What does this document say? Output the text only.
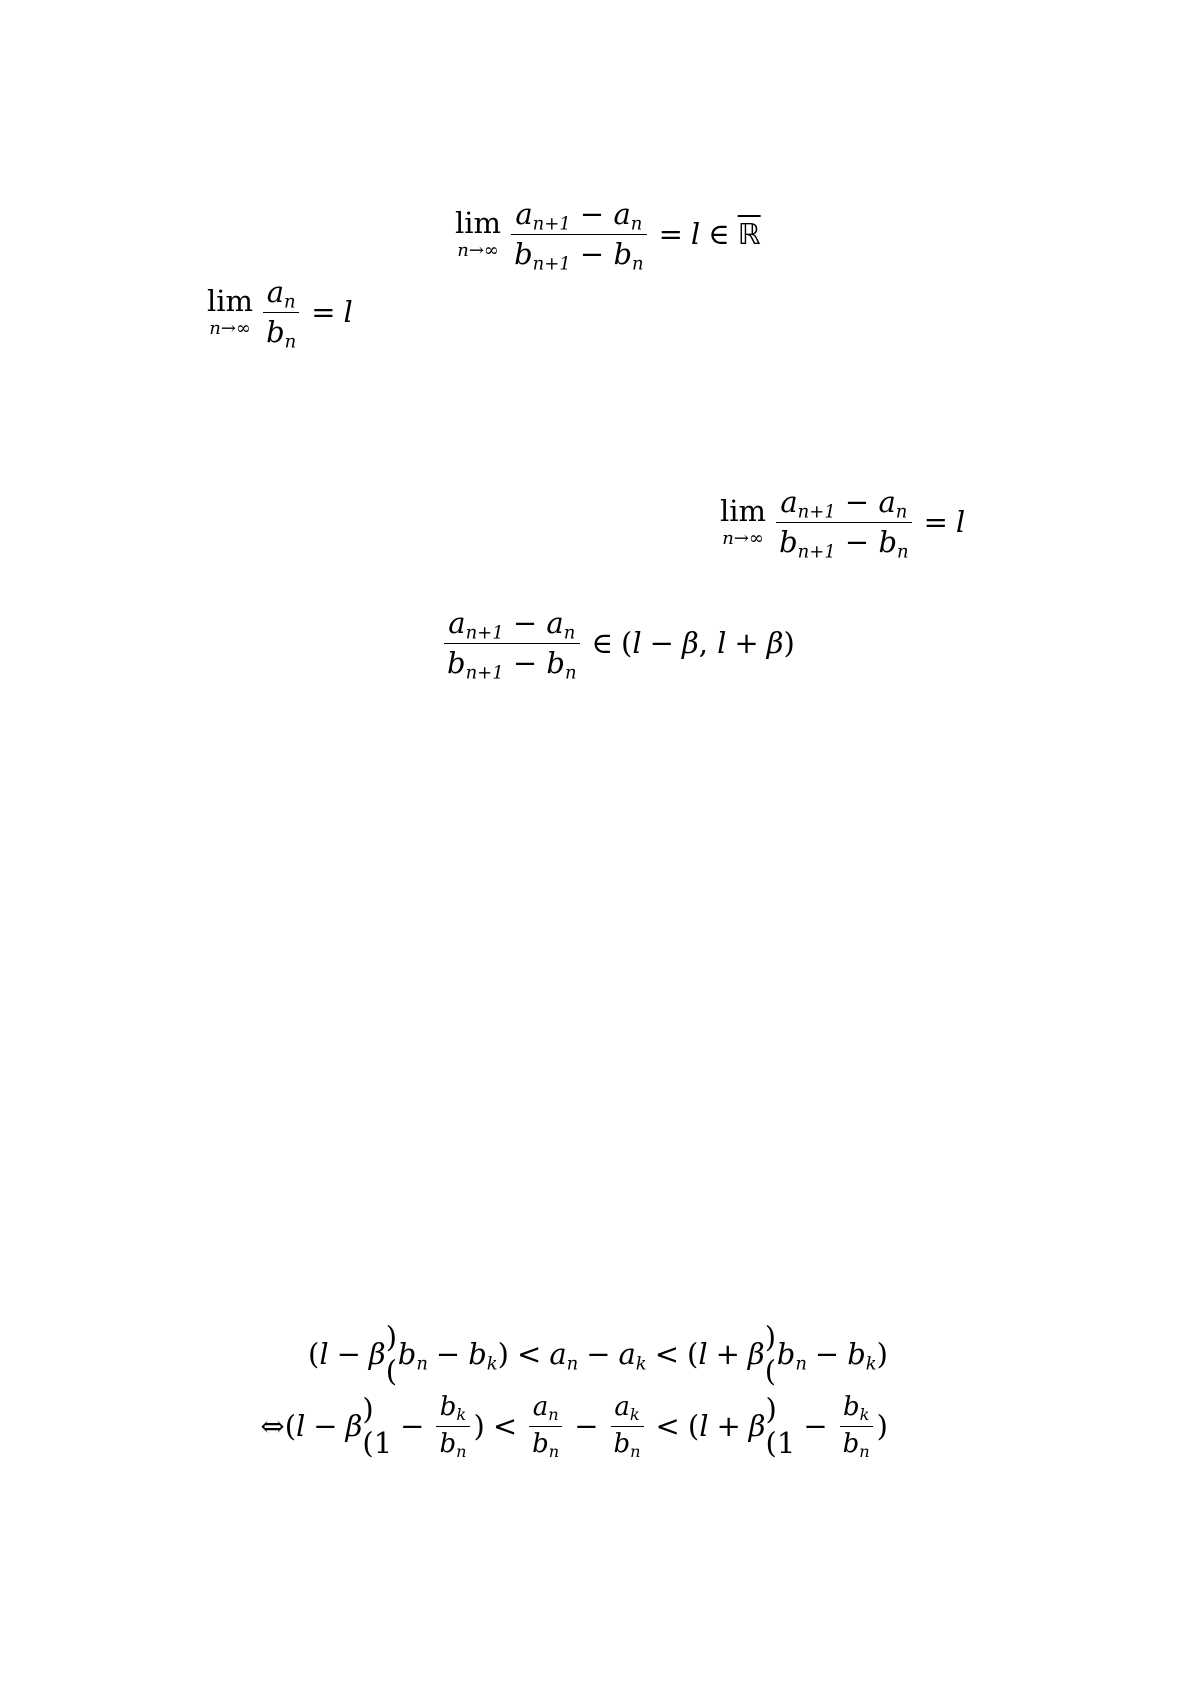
lim
$n\to\infty \frac{a_{n+1} - a_n}{b_{n+1} - b_n} = l$ ∈ ℝ
lim
$n\to\infty \frac{a_n}{b_n} = l$
lim
$n\to\infty \frac{a_{n+1} - a_n}{b_{n+1} - b_n} = l$
$\frac{a_{n+1} - a_n}{b_{n+1} - b_n}$ ∈ ( l − β , l + β )
( l − β )( $b_n - b_k$ ) < $a_n - a_k$ < ( l + β )( $b_n - b_k$ )
⇔( l − β )($1 - \frac{b_k}{b_n}$ ) < $\frac{a_n}{b_n} - \frac{a_k}{b_n}$ < ( l + β )($1 - \frac{b_k}{b_n}$ )
